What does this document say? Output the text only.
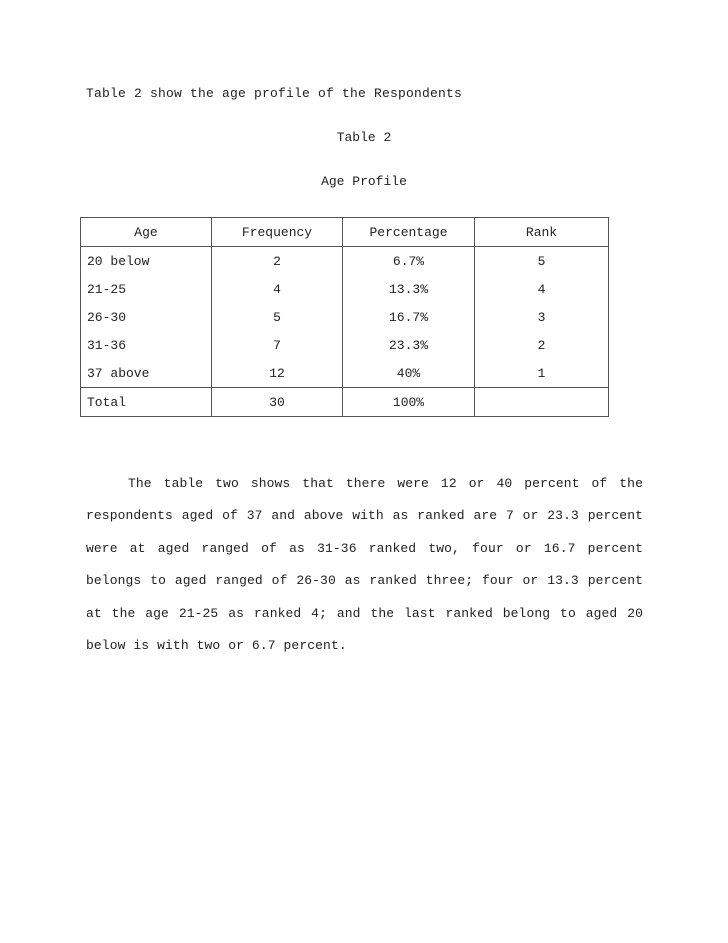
Table 2 show the age profile of the Respondents
Table 2
Age Profile
Age	Frequency	Percentage	Rank
20 below	2	6.7%	5
21-25	4	13.3%	4
26-30	5	16.7%	3
31-36	7	23.3%	2
37 above	12	40%	1
Total	30	100%	

The table two shows that there were 12 or 40 percent of the respondents aged of 37 and above with as ranked are 7 or 23.3 percent were at aged ranged of as 31-36 ranked two, four or 16.7 percent belongs to aged ranged of 26-30 as ranked three; four or 13.3 percent at the age 21-25 as ranked 4; and the last ranked belong to aged 20 below is with two or 6.7 percent.
